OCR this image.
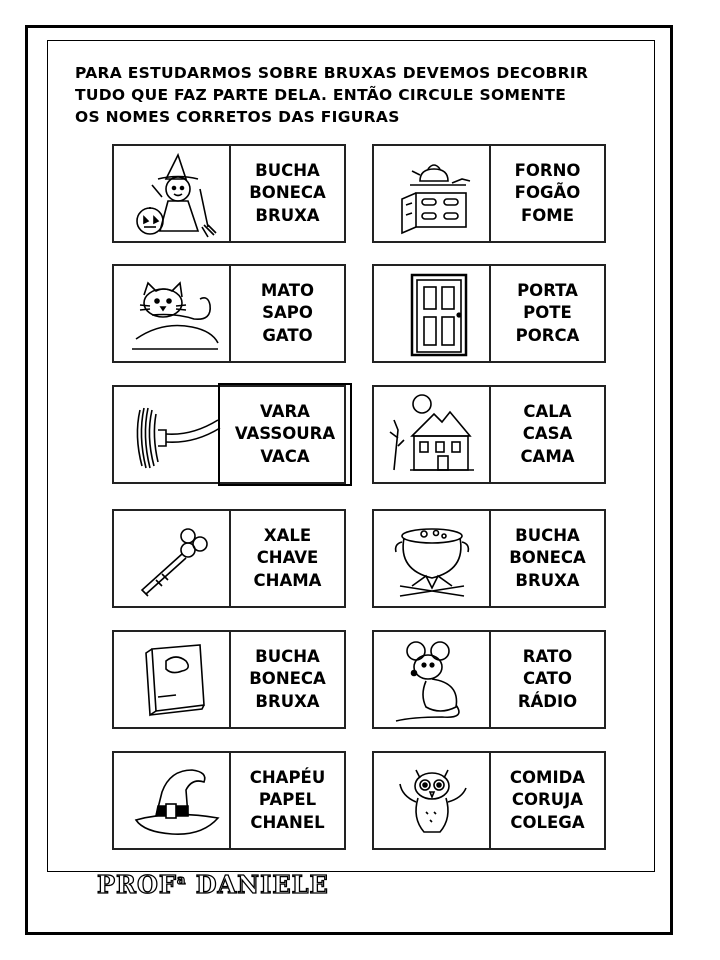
PARA ESTUDARMOS SOBRE BRUXAS DEVEMOS DECOBRIR
TUDO QUE FAZ PARTE DELA. ENTÃO CIRCULE SOMENTE
OS NOMES CORRETOS DAS FIGURAS
BUCHA
BONECA
BRUXA
FORNO
FOGÃO
FOME
MATO
SAPO
GATO
PORTA
POTE
PORCA
VARA
VASSOURA
VACA
CALA
CASA
CAMA
XALE
CHAVE
CHAMA
BUCHA
BONECA
BRUXA
BUCHA
BONECA
BRUXA
RATO
CATO
RÁDIO
CHAPÉU
PAPEL
CHANEL
COMIDA
CORUJA
COLEGA
PROF$^a$ DANIELE
